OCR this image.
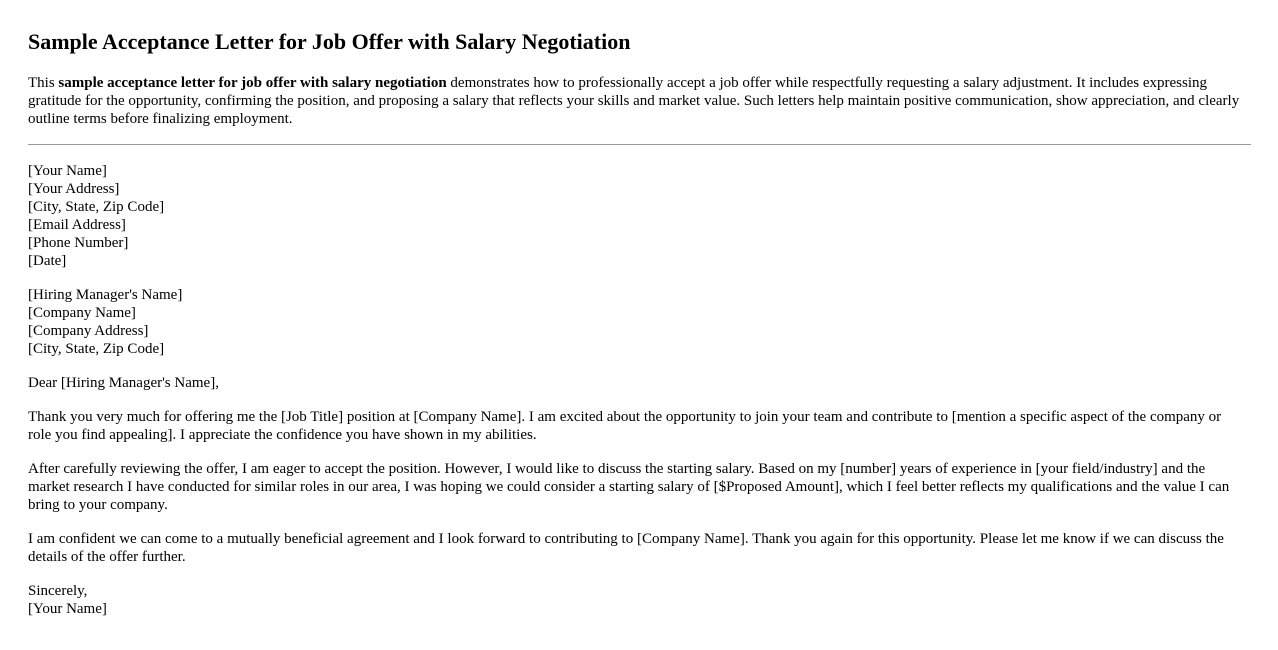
Sample Acceptance Letter for Job Offer with Salary Negotiation

This sample acceptance letter for job offer with salary negotiation demonstrates how to professionally accept a job offer while respectfully requesting a salary adjustment. It includes expressing gratitude for the opportunity, confirming the position, and proposing a salary that reflects your skills and market value. Such letters help maintain positive communication, show appreciation, and clearly outline terms before finalizing employment.

[Your Name]
[Your Address]
[City, State, Zip Code]
[Email Address]
[Phone Number]
[Date]
[Hiring Manager's Name]
[Company Name]
[Company Address]
[City, State, Zip Code]

Dear [Hiring Manager's Name],

Thank you very much for offering me the [Job Title] position at [Company Name]. I am excited about the opportunity to join your team and contribute to [mention a specific aspect of the company or role you find appealing]. I appreciate the confidence you have shown in my abilities.

After carefully reviewing the offer, I am eager to accept the position. However, I would like to discuss the starting salary. Based on my [number] years of experience in [your field/industry] and the market research I have conducted for similar roles in our area, I was hoping we could consider a starting salary of [$Proposed Amount], which I feel better reflects my qualifications and the value I can bring to your company.

I am confident we can come to a mutually beneficial agreement and I look forward to contributing to [Company Name]. Thank you again for this opportunity. Please let me know if we can discuss the details of the offer further.

Sincerely,
[Your Name]
